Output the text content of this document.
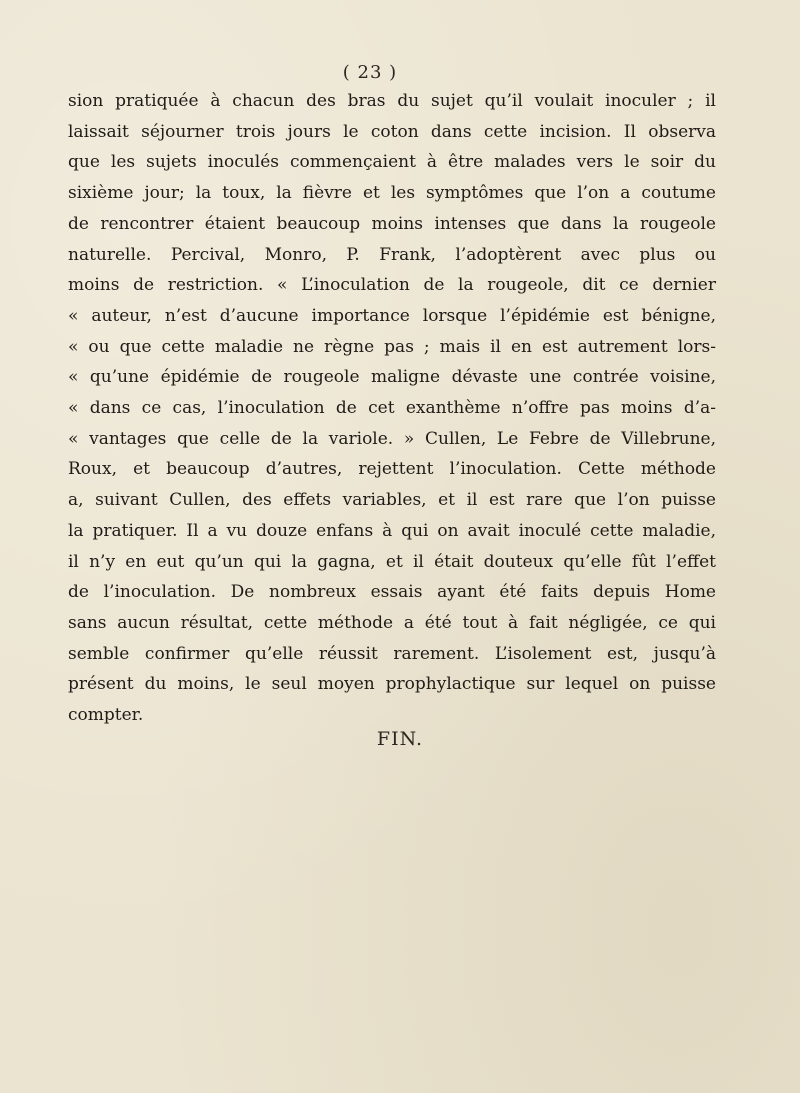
( 23 )
sion pratiquée à chacun des bras du sujet qu’il voulait inoculer ; il
laissait séjourner trois jours le coton dans cette incision. Il observa
que les sujets inoculés commençaient à être malades vers le soir du
sixième jour; la toux, la fièvre et les symptômes que l’on a coutume
de rencontrer étaient beaucoup moins intenses que dans la rougeole
naturelle. Percival, Monro, P. Frank, l’adoptèrent avec plus ou
moins de restriction. « L’inoculation de la rougeole, dit ce dernier
« auteur, n’est d’aucune importance lorsque l’épidémie est bénigne,
« ou que cette maladie ne règne pas ; mais il en est autrement lors-
« qu’une épidémie de rougeole maligne dévaste une contrée voisine,
« dans ce cas, l’inoculation de cet exanthème n’offre pas moins d’a-
« vantages que celle de la variole. » Cullen, Le Febre de Villebrune,
Roux, et beaucoup d’autres, rejettent l’inoculation. Cette méthode
a, suivant Cullen, des effets variables, et il est rare que l’on puisse
la pratiquer. Il a vu douze enfans à qui on avait inoculé cette maladie,
il n’y en eut qu’un qui la gagna, et il était douteux qu’elle fût l’effet
de l’inoculation. De nombreux essais ayant été faits depuis Home
sans aucun résultat, cette méthode a été tout à fait négligée, ce qui
semble confirmer qu’elle réussit rarement. L’isolement est, jusqu’à
présent du moins, le seul moyen prophylactique sur lequel on puisse
compter.
FIN.
